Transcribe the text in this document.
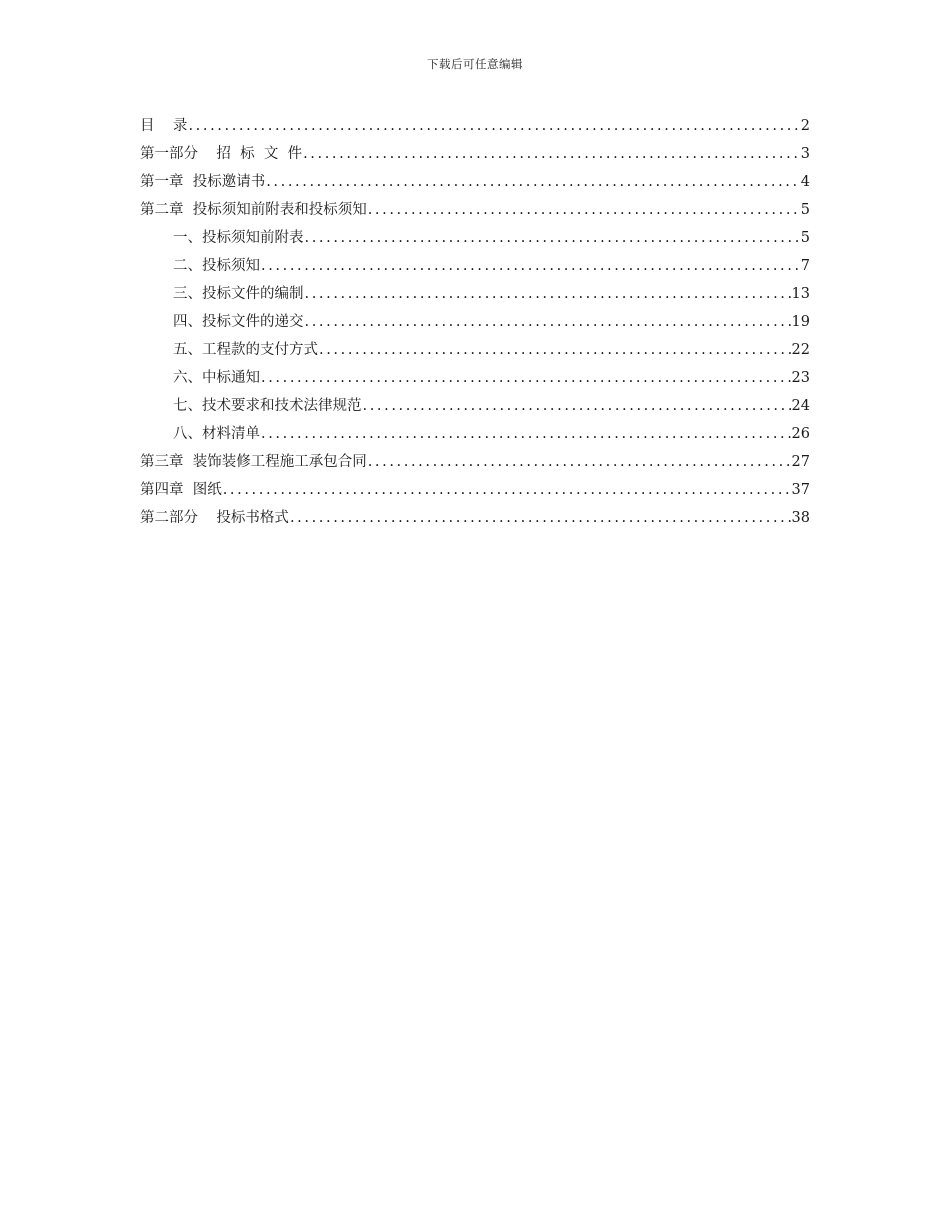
下载后可任意编辑
目    录 .....	2
第一部分    招  标  文  件 .....	3
第一章  投标邀请书 .....	4
第二章  投标须知前附表和投标须知 .....	5
一、投标须知前附表 .....	5
二、投标须知 .....	7
三、投标文件的编制 .....	13
四、投标文件的递交 .....	19
五、工程款的支付方式 .....	22
六、中标通知 .....	23
七、技术要求和技术法律规范 .....	24
八、材料清单 .....	26
第三章  装饰装修工程施工承包合同 .....	27
第四章  图纸 .....	37
第二部分    投标书格式 .....	38
